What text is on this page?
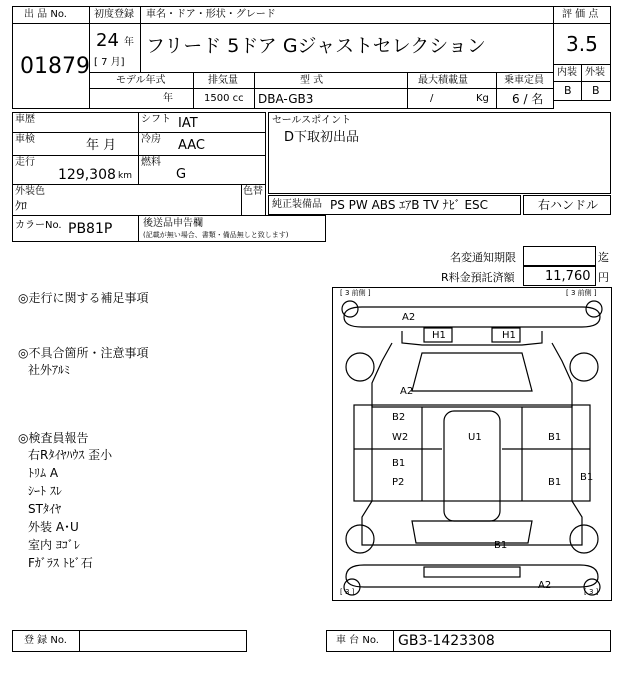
出 品 No.
01879
初度登録 車名・ドア・形状・グレード
24 年
[ 7 月]
フリード 5ドア Gジャストセレクション
評 価 点
3.5
内装 外装
B B
モデル年式
年
排気量
1500 cc
型 式
DBA-GB3
最大積載量
/	Kg
乗車定員
6 / 名
車歴	シフト IAT
車検	年 月 冷房 AAC
走行
129,308 km
燃料
G
外装色
ｸﾛ
色替
カラーNo. PB81P	後送品申告欄
(記載が無い場合、書類・備品無しと致します)
セールスポイント
D下取初出品
純正装備品 PS PW ABS ｴｱB TV ﾅﾋﾞ ESC	右ハンドル
名変通知期限	迄
R料金預託済額 11,760 円
◎走行に関する補足事項
◎不具合箇所・注意事項
社外ｱﾙﾐ
◎検査員報告
右Rﾀｲﾔﾊｳｽ 歪小
ﾄﾘﾑ A
ｼｰﾄ ｽﾚ
STﾀｲﾔ
外装 A･U
室内 ﾖｺﾞﾚ
Fｶﾞﾗｽ ﾄﾋﾞ石
[ 3 前側 ]	[ 3 前側 ]
[ 3 ]	[ 3 ]
A2
H1	H1
A2
B2
W2	U1	B1
B1
P2	B1 B1
B1
A2
登 録 No.	車 台 No. GB3-1423308
